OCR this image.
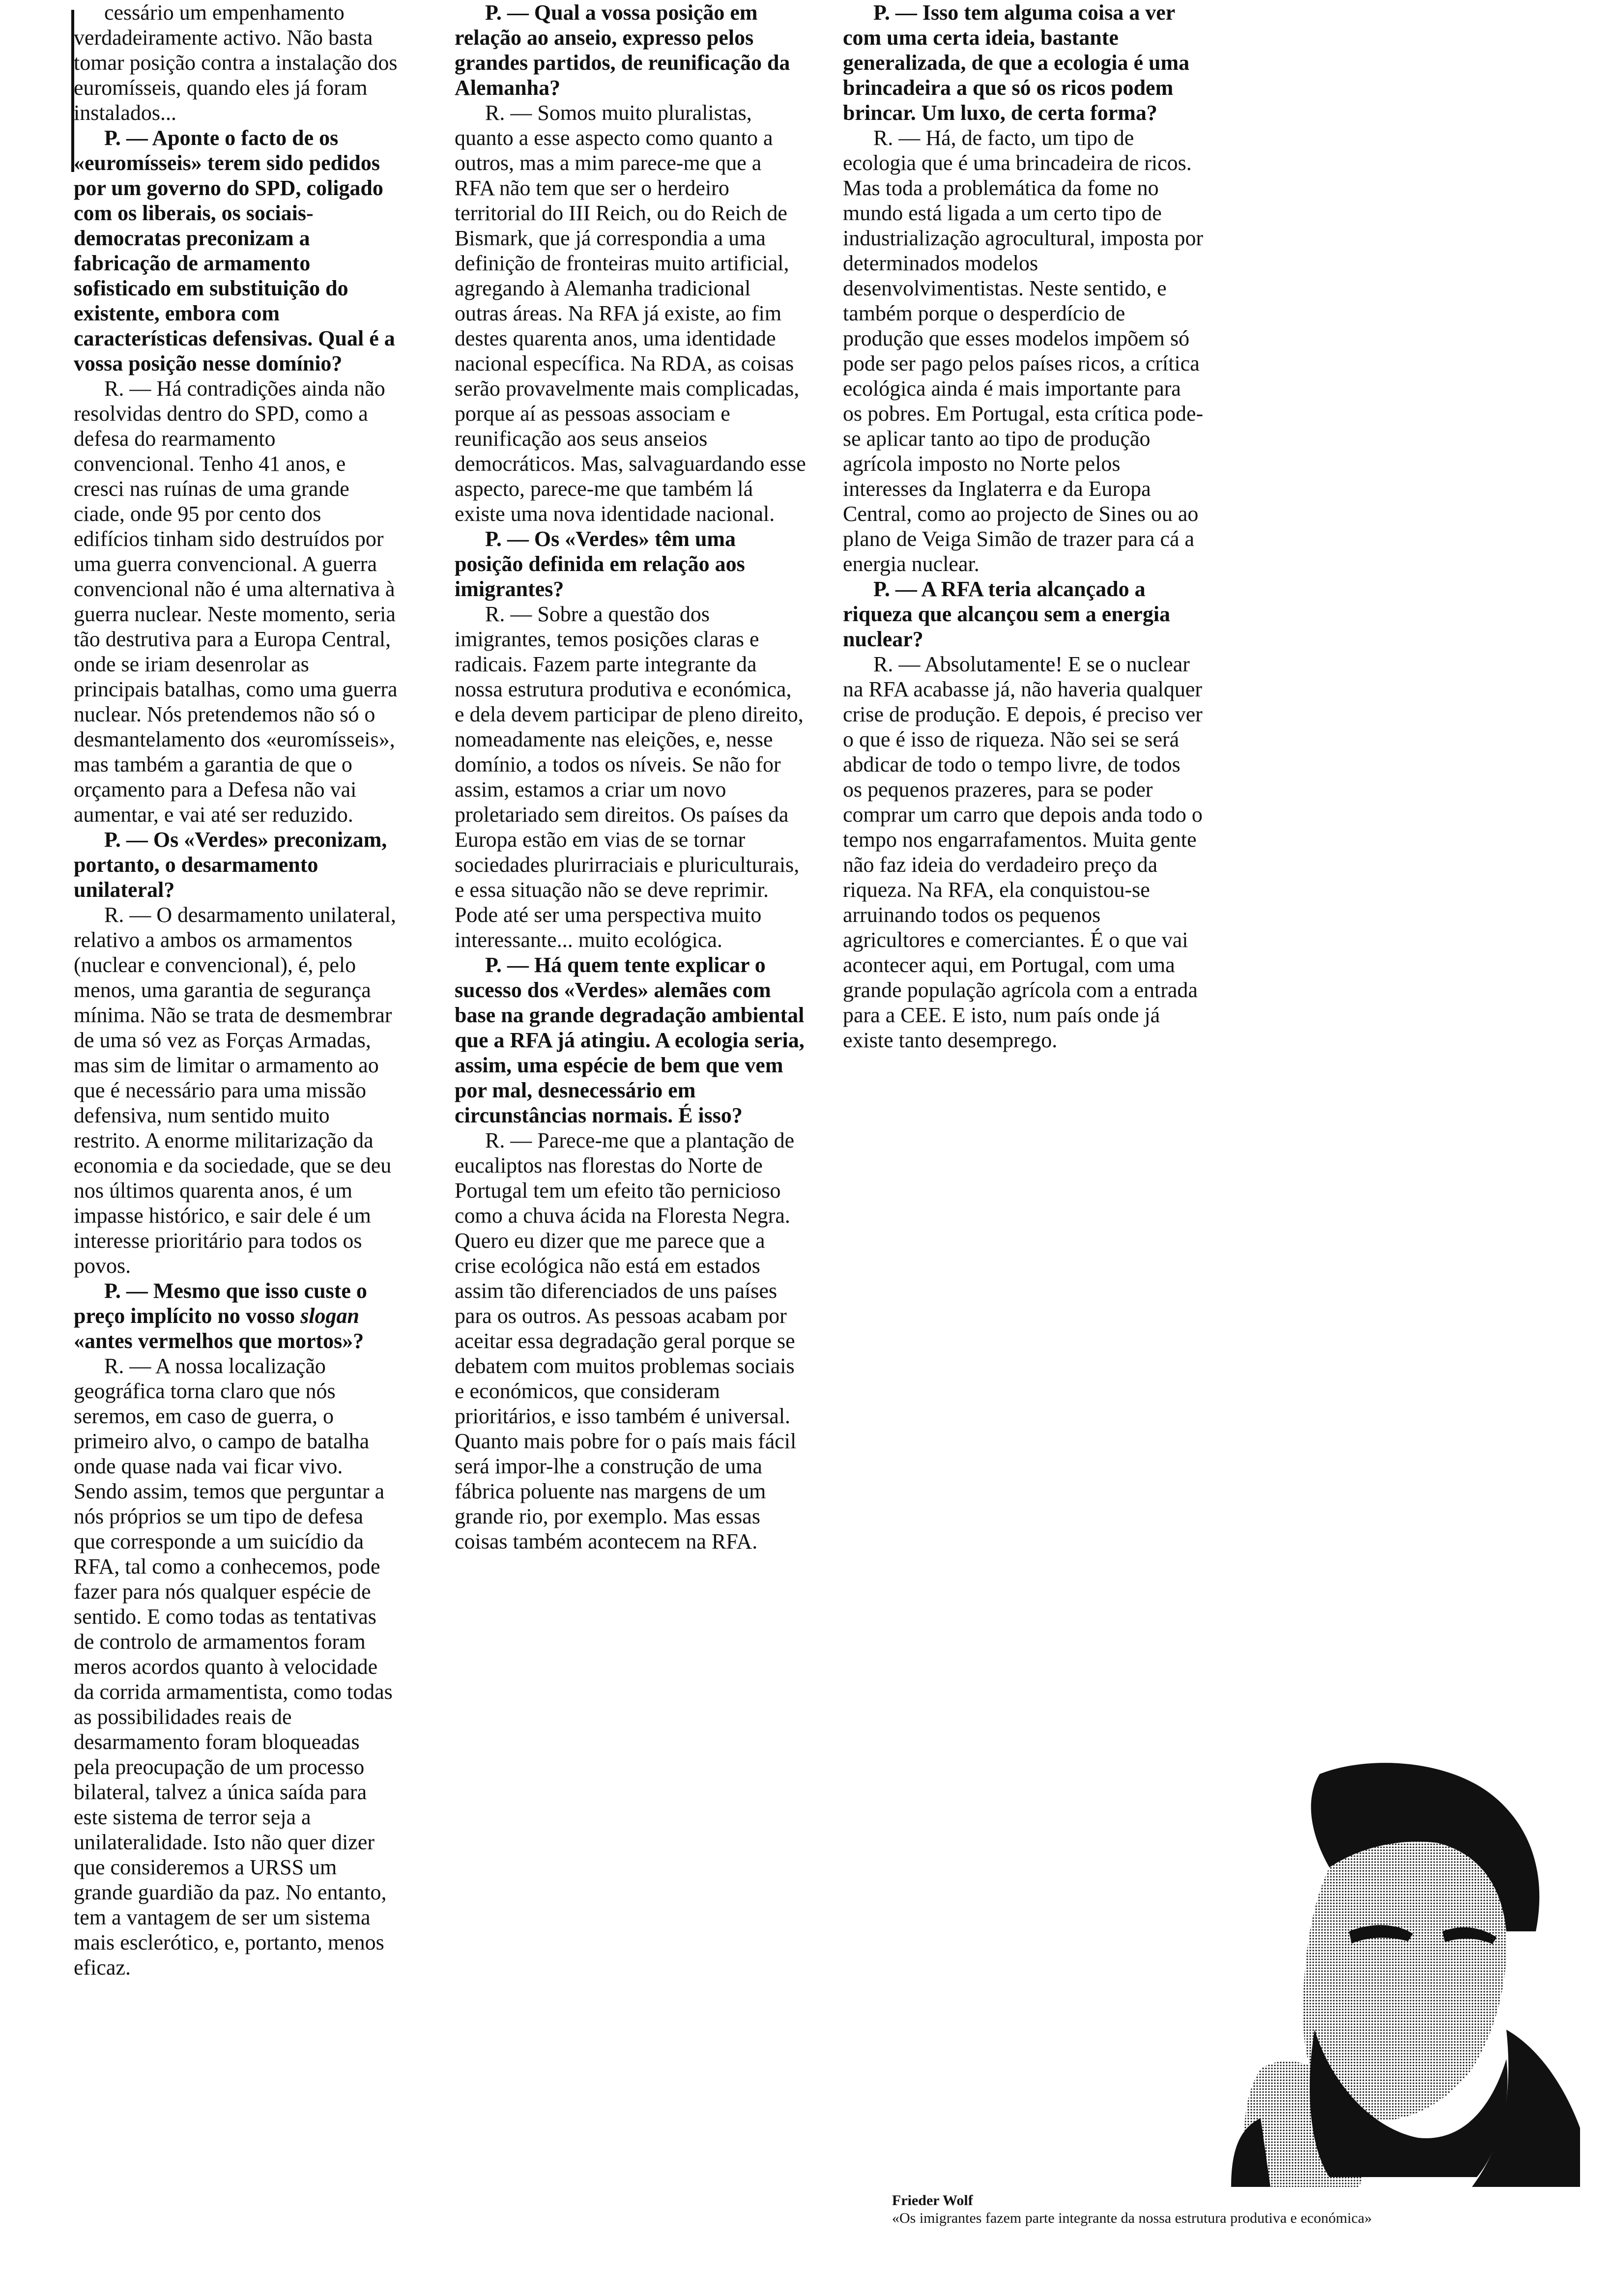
cessário um empenhamento verdadeiramente activo. Não basta tomar posição contra a instalação dos euromísseis, quando eles já foram instalados...

P. — Aponte o facto de os «euromísseis» terem sido pedidos por um governo do SPD, coligado com os liberais, os sociais-democratas preconizam a fabricação de armamento sofisticado em substituição do existente, embora com características defensivas. Qual é a vossa posição nesse domínio?

R. — Há contradições ainda não resolvidas dentro do SPD, como a defesa do rearmamento convencional. Tenho 41 anos, e cresci nas ruínas de uma grande ciade, onde 95 por cento dos edifícios tinham sido destruídos por uma guerra convencional. A guerra convencional não é uma alternativa à guerra nuclear. Neste momento, seria tão destrutiva para a Europa Central, onde se iriam desenrolar as principais batalhas, como uma guerra nuclear. Nós pretendemos não só o desmantelamento dos «euromísseis», mas também a garantia de que o orçamento para a Defesa não vai aumentar, e vai até ser reduzido.

P. — Os «Verdes» preconizam, portanto, o desarmamento unilateral?

R. — O desarmamento unilateral, relativo a ambos os armamentos (nuclear e convencional), é, pelo menos, uma garantia de segurança mínima. Não se trata de desmembrar de uma só vez as Forças Armadas, mas sim de limitar o armamento ao que é necessário para uma missão defensiva, num sentido muito restrito. A enorme militarização da economia e da sociedade, que se deu nos últimos quarenta anos, é um impasse histórico, e sair dele é um interesse prioritário para todos os povos.

P. — Mesmo que isso custe o preço implícito no vosso slogan «antes vermelhos que mortos»?

R. — A nossa localização geográfica torna claro que nós seremos, em caso de guerra, o primeiro alvo, o campo de batalha onde quase nada vai ficar vivo. Sendo assim, temos que perguntar a nós próprios se um tipo de defesa que corresponde a um suicídio da RFA, tal como a conhecemos, pode fazer para nós qualquer espécie de sentido. E como todas as tentativas de controlo de armamentos foram meros acordos quanto à velocidade da corrida armamentista, como todas as possibilidades reais de desarmamento foram bloqueadas pela preocupação de um processo bilateral, talvez a única saída para este sistema de terror seja a unilateralidade. Isto não quer dizer que consideremos a URSS um grande guardião da paz. No entanto, tem a vantagem de ser um sistema mais esclerótico, e, portanto, menos eficaz.

P. — Qual a vossa posição em relação ao anseio, expresso pelos grandes partidos, de reunificação da Alemanha?

R. — Somos muito pluralistas, quanto a esse aspecto como quanto a outros, mas a mim parece-me que a RFA não tem que ser o herdeiro territorial do III Reich, ou do Reich de Bismark, que já correspondia a uma definição de fronteiras muito artificial, agregando à Alemanha tradicional outras áreas. Na RFA já existe, ao fim destes quarenta anos, uma identidade nacional específica. Na RDA, as coisas serão provavelmente mais complicadas, porque aí as pessoas associam e reunificação aos seus anseios democráticos. Mas, salvaguardando esse aspecto, parece-me que também lá existe uma nova identidade nacional.

P. — Os «Verdes» têm uma posição definida em relação aos imigrantes?

R. — Sobre a questão dos imigrantes, temos posições claras e radicais. Fazem parte integrante da nossa estrutura produtiva e económica, e dela devem participar de pleno direito, nomeadamente nas eleições, e, nesse domínio, a todos os níveis. Se não for assim, estamos a criar um novo proletariado sem direitos. Os países da Europa estão em vias de se tornar sociedades plurirraciais e pluriculturais, e essa situação não se deve reprimir. Pode até ser uma perspectiva muito interessante... muito ecológica.

P. — Há quem tente explicar o sucesso dos «Verdes» alemães com base na grande degradação ambiental que a RFA já atingiu. A ecologia seria, assim, uma espécie de bem que vem por mal, desnecessário em circunstâncias normais. É isso?

R. — Parece-me que a plantação de eucaliptos nas florestas do Norte de Portugal tem um efeito tão pernicioso como a chuva ácida na Floresta Negra. Quero eu dizer que me parece que a crise ecológica não está em estados assim tão diferenciados de uns países para os outros. As pessoas acabam por aceitar essa degradação geral porque se debatem com muitos problemas sociais e económicos, que consideram prioritários, e isso também é universal. Quanto mais pobre for o país mais fácil será impor-lhe a construção de uma fábrica poluente nas margens de um grande rio, por exemplo. Mas essas coisas também acontecem na RFA.

P. — Isso tem alguma coisa a ver com uma certa ideia, bastante generalizada, de que a ecologia é uma brincadeira a que só os ricos podem brincar. Um luxo, de certa forma?

R. — Há, de facto, um tipo de ecologia que é uma brincadeira de ricos. Mas toda a problemática da fome no mundo está ligada a um certo tipo de industrialização agrocultural, imposta por determinados modelos desenvolvimentistas. Neste sentido, e também porque o desperdício de produção que esses modelos impõem só pode ser pago pelos países ricos, a crítica ecológica ainda é mais importante para os pobres. Em Portugal, esta crítica pode-se aplicar tanto ao tipo de produção agrícola imposto no Norte pelos interesses da Inglaterra e da Europa Central, como ao projecto de Sines ou ao plano de Veiga Simão de trazer para cá a energia nuclear.

P. — A RFA teria alcançado a riqueza que alcançou sem a energia nuclear?

R. — Absolutamente! E se o nuclear na RFA acabasse já, não haveria qualquer crise de produção. E depois, é preciso ver o que é isso de riqueza. Não sei se será abdicar de todo o tempo livre, de todos os pequenos prazeres, para se poder comprar um carro que depois anda todo o tempo nos engarrafamentos. Muita gente não faz ideia do verdadeiro preço da riqueza. Na RFA, ela conquistou-se arruinando todos os pequenos agricultores e comerciantes. É o que vai acontecer aqui, em Portugal, com uma grande população agrícola com a entrada para a CEE. E isto, num país onde já existe tanto desemprego.

Frieder Wolf
«Os imigrantes fazem parte integrante da nossa estrutura produtiva e económica»
